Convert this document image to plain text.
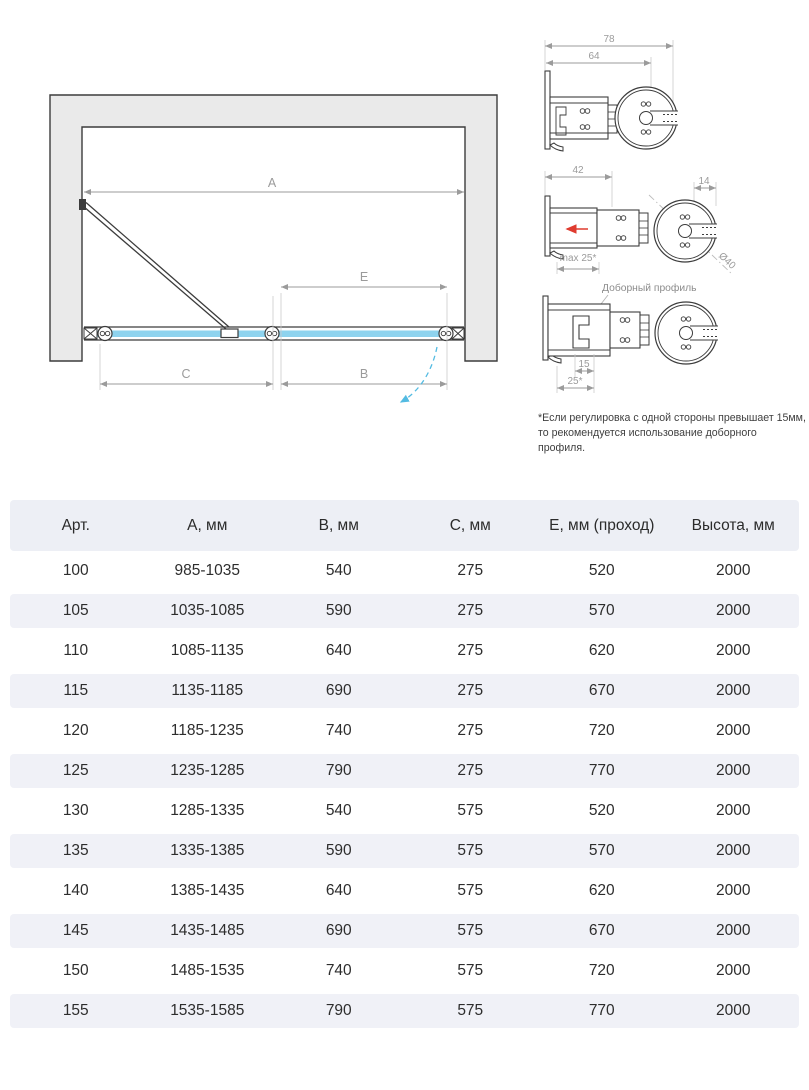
A
E
C	B
78
64
42
14
Ø40
max 25*
Доборный профиль
15
25*
*Если регулировка с одной стороны превышает 15мм,
то рекомендуется использование доборного профиля.
Арт.	А, мм	В, мм	С, мм	Е, мм (проход)	Высота, мм
100	985-1035	540	275	520	2000
105	1035-1085	590	275	570	2000
110	1085-1135	640	275	620	2000
115	1135-1185	690	275	670	2000
120	1185-1235	740	275	720	2000
125	1235-1285	790	275	770	2000
130	1285-1335	540	575	520	2000
135	1335-1385	590	575	570	2000
140	1385-1435	640	575	620	2000
145	1435-1485	690	575	670	2000
150	1485-1535	740	575	720	2000
155	1535-1585	790	575	770	2000
